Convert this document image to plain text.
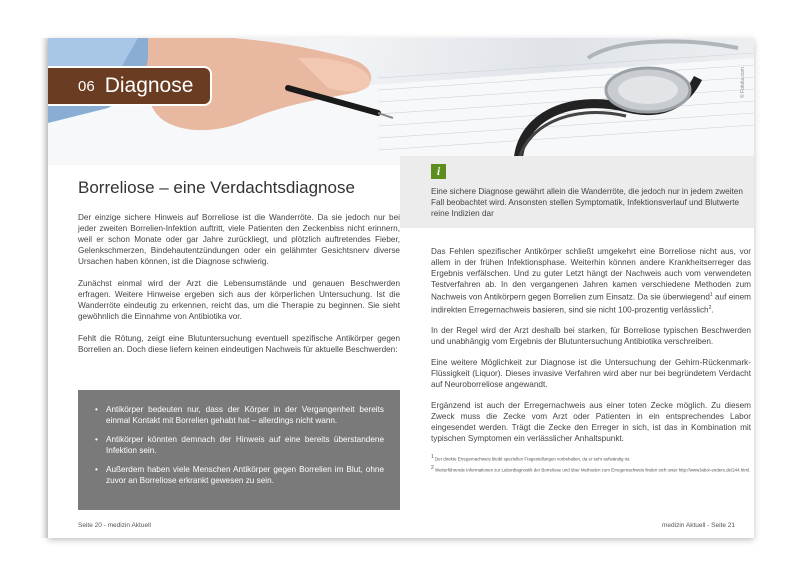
© Fotolia.com
06 Diagnose
Borreliose – eine Verdachtsdiagnose

Der einzige sichere Hinweis auf Borreliose ist die Wanderröte. Da sie jedoch nur bei jeder zweiten Borrelien-Infektion auftritt, viele Patienten den Zeckenbiss nicht erinnern, weil er schon Monate oder gar Jahre zurückliegt, und plötzlich auftretendes Fieber, Gelenkschmerzen, Bindehautentzündungen oder ein gelähmter Gesichtsnerv diverse Ursachen haben können, ist die Diagnose schwierig.

Zunächst einmal wird der Arzt die Lebensumstände und genauen Beschwerden erfragen. Weitere Hinweise ergeben sich aus der körperlichen Untersuchung. Ist die Wanderröte eindeutig zu erkennen, reicht das, um die Therapie zu beginnen. Sie sieht gewöhnlich die Einnahme von Antibiotika vor.

Fehlt die Rötung, zeigt eine Blutuntersuchung eventuell spezifische Antikörper gegen Borrelien an. Doch diese liefern keinen eindeutigen Nachweis für aktuelle Beschwerden:

• Antikörper bedeuten nur, dass der Körper in der Vergangenheit bereits einmal Kontakt mit Borrelien gehabt hat – allerdings nicht wann.
• Antikörper könnten demnach der Hinweis auf eine bereits überstandene Infektion sein.
• Außerdem haben viele Menschen Antikörper gegen Borrelien im Blut, ohne zuvor an Borreliose erkrankt gewesen zu sein.
Seite 20 - medizin Aktuell
i
Eine sichere Diagnose gewährt allein die Wanderröte, die jedoch nur in jedem zweiten Fall beobachtet wird. Ansonsten stellen Symptomatik, Infektionsverlauf und Blutwerte reine Indizien dar

Das Fehlen spezifischer Antikörper schließt umgekehrt eine Borreliose nicht aus, vor allem in der frühen Infektionsphase. Weiterhin können andere Krankheitserreger das Ergebnis verfälschen. Und zu guter Letzt hängt der Nachweis auch vom verwendeten Testverfahren ab. In den vergangenen Jahren kamen verschiedene Methoden zum Nachweis von Antikörpern gegen Borrelien zum Einsatz. Da sie überwiegend$^1$ auf einem indirekten Erregernachweis basieren, sind sie nicht 100-prozentig verlässlich$^2$.

In der Regel wird der Arzt deshalb bei starken, für Borreliose typischen Beschwerden und unabhängig vom Ergebnis der Blutuntersuchung Antibiotika verschreiben.

Eine weitere Möglichkeit zur Diagnose ist die Untersuchung der Gehirn-Rückenmark-Flüssigkeit (Liquor). Dieses invasive Verfahren wird aber nur bei begründetem Verdacht auf Neuroborreliose angewandt.

Ergänzend ist auch der Erregernachweis aus einer toten Zecke möglich. Zu diesem Zweck muss die Zecke vom Arzt oder Patienten in ein entsprechendes Labor eingesendet werden. Trägt die Zecke den Erreger in sich, ist das in Kombination mit typischen Symptomen ein verlässlicher Anhaltspunkt.

$^1$ Der direkte Erregernachweis bleibt speziellen Fragestellungen vorbehalten, da er sehr aufwändig ist.

$^2$ Weiterführende Informationen zur Labordiagnostik der Borreliose und über Methoden zum Erregernachweis finden sich unter http://www.labor-enders.de/244.html.

medizin Aktuell - Seite 21
